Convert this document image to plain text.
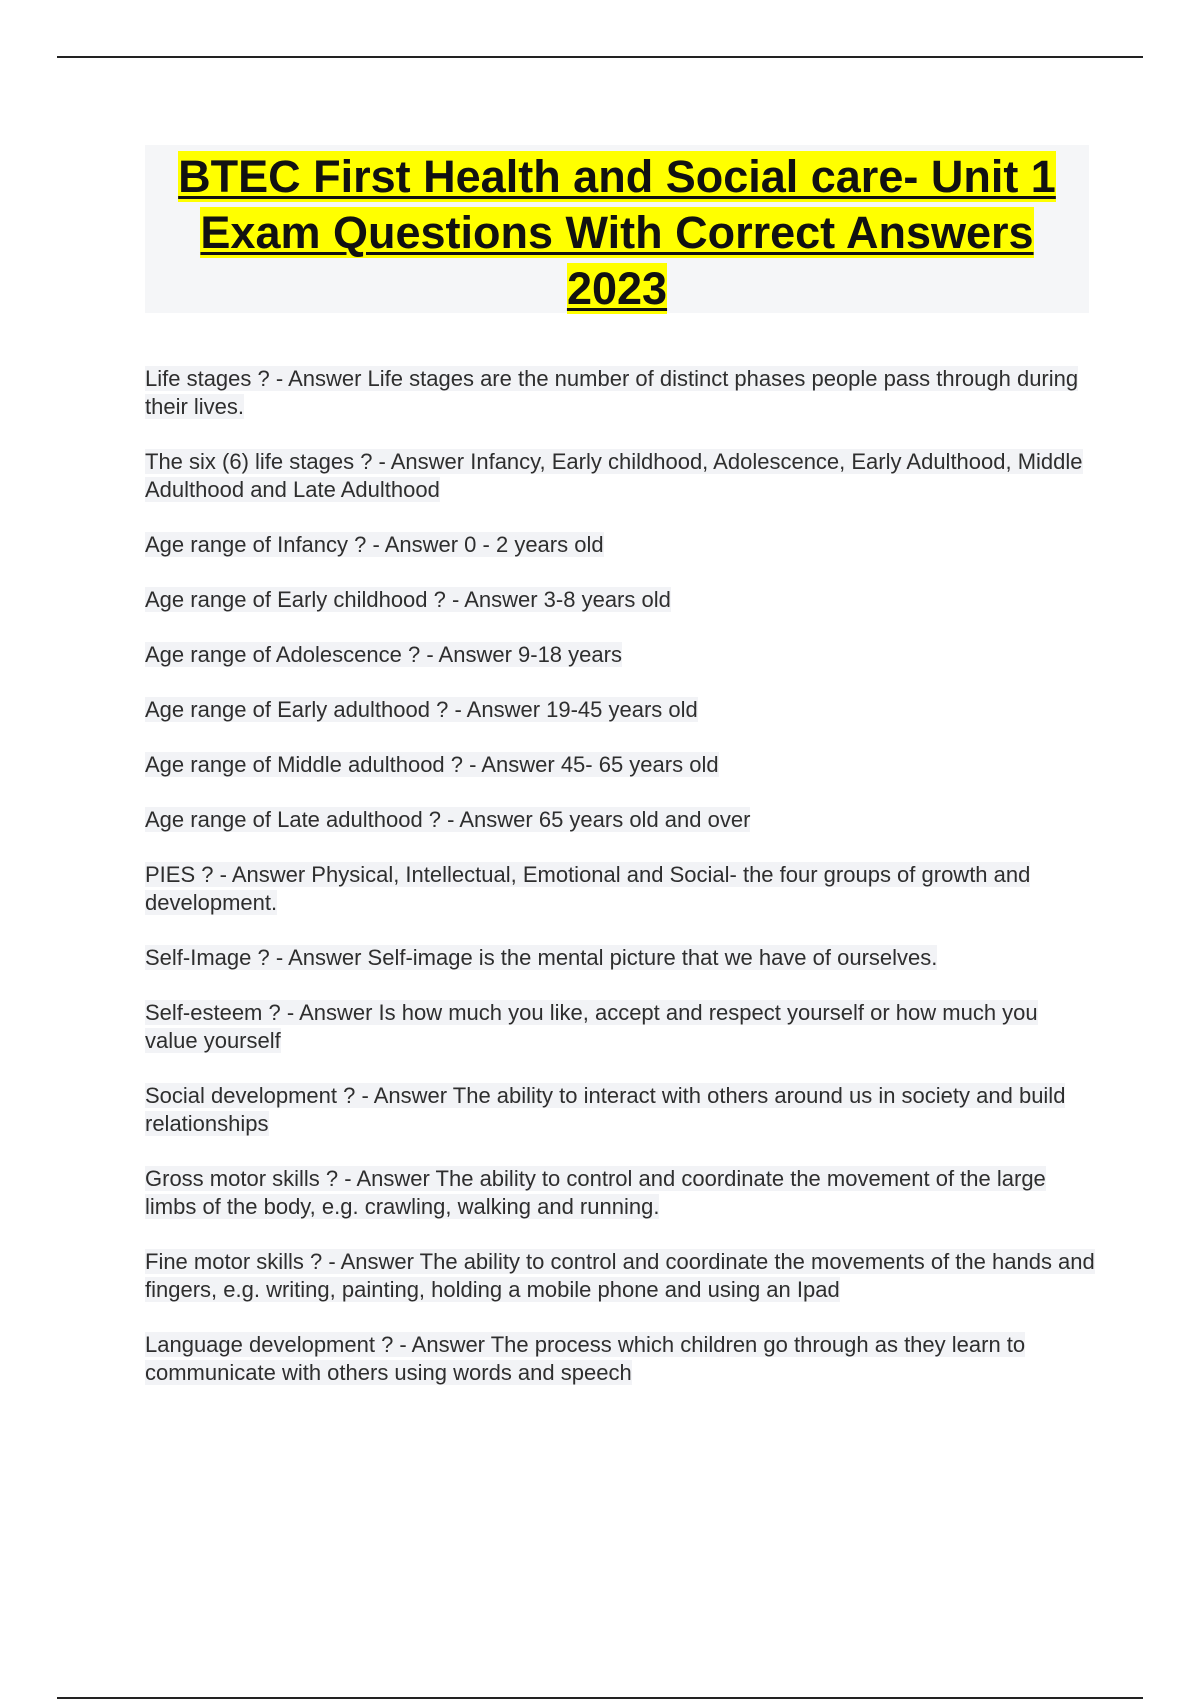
BTEC First Health and Social care- Unit 1 Exam Questions With Correct Answers 2023

Life stages ? - Answer Life stages are the number of distinct phases people pass through during their lives.

The six (6) life stages ? - Answer Infancy, Early childhood, Adolescence, Early Adulthood, Middle Adulthood and Late Adulthood

Age range of Infancy ? - Answer 0 - 2 years old

Age range of Early childhood ? - Answer 3-8 years old

Age range of Adolescence ? - Answer 9-18 years

Age range of Early adulthood ? - Answer 19-45 years old

Age range of Middle adulthood ? - Answer 45- 65 years old

Age range of Late adulthood ? - Answer 65 years old and over

PIES ? - Answer Physical, Intellectual, Emotional and Social- the four groups of growth and development.

Self-Image ? - Answer Self-image is the mental picture that we have of ourselves.

Self-esteem ? - Answer Is how much you like, accept and respect yourself or how much you value yourself

Social development ? - Answer The ability to interact with others around us in society and build relationships

Gross motor skills ? - Answer The ability to control and coordinate the movement of the large limbs of the body, e.g. crawling, walking and running.

Fine motor skills ? - Answer The ability to control and coordinate the movements of the hands and fingers, e.g. writing, painting, holding a mobile phone and using an Ipad

Language development ? - Answer The process which children go through as they learn to communicate with others using words and speech
